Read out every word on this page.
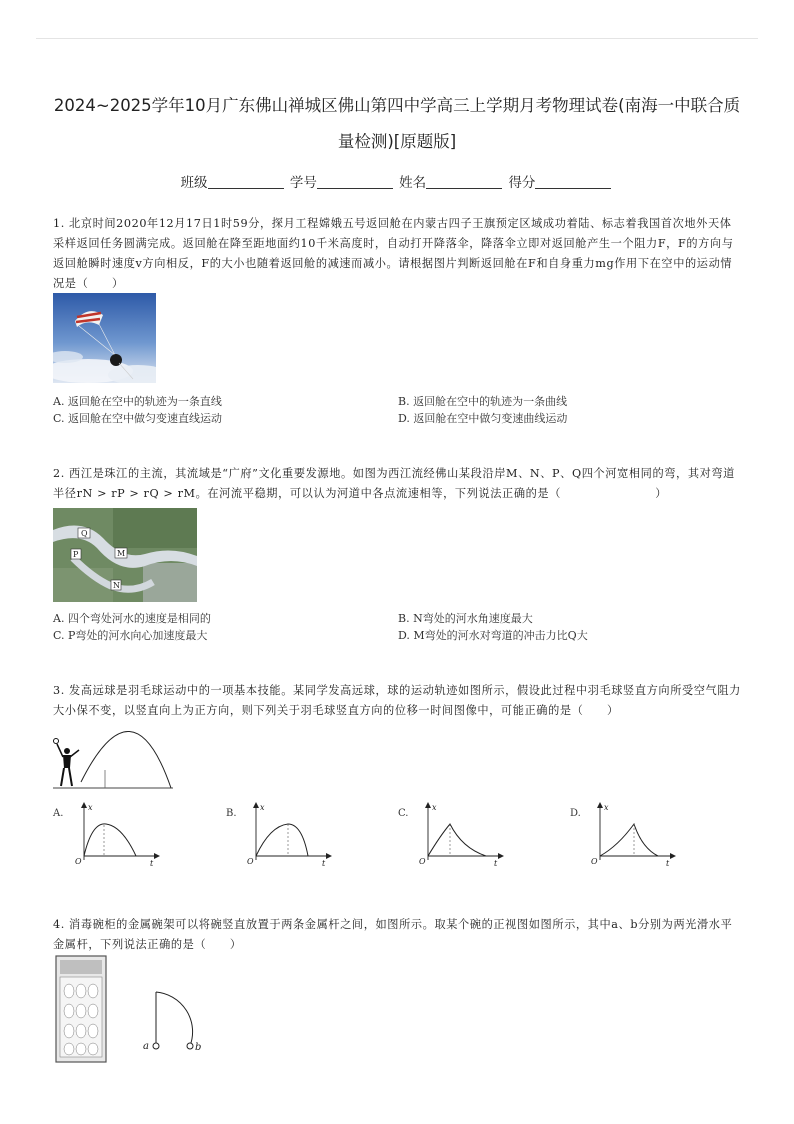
2024~2025学年10月广东佛山禅城区佛山第四中学高三上学期月考物理试卷(南海一中联合质
量检测)[原题版]
班级	学号	姓名	得分
1. 北京时间2020年12月17日1时59分，探月工程嫦娥五号返回舱在内蒙古四子王旗预定区域成功着陆、标志着我国首次地外天体采样返回任务圆满完成。返回舱在降至距地面约10千米高度时，自动打开降落伞，降落伞立即对返回舱产生一个阻力F，F的方向与返回舱瞬时速度v方向相反，F的大小也随着返回舱的减速而减小。请根据图片判断返回舱在F和自身重力mg作用下在空中的运动情况是（　　）
A. 返回舱在空中的轨迹为一条直线	B. 返回舱在空中的轨迹为一条曲线
C. 返回舱在空中做匀变速直线运动	D. 返回舱在空中做匀变速曲线运动
2. 西江是珠江的主流，其流域是“广府”文化重要发源地。如图为西江流经佛山某段沿岸M、N、P、Q四个河宽相同的弯，其对弯道半径rN > rP > rQ > rM。在河流平稳期，可以认为河道中各点流速相等，下列说法正确的是（　　　　　　　　）
Q
P	M
N
A. 四个弯处河水的速度是相同的	B. N弯处的河水角速度最大
C. P弯处的河水向心加速度最大	D. M弯处的河水对弯道的冲击力比Q大
3. 发高远球是羽毛球运动中的一项基本技能。某同学发高远球，球的运动轨迹如图所示，假设此过程中羽毛球竖直方向所受空气阻力大小保不变，以竖直向上为正方向，则下列关于羽毛球竖直方向的位移一时间图像中，可能正确的是（　　）
A.
x
t
O
B.
x
t
O
C.
x
t
O
D.
x
t
O
4. 消毒碗柜的金属碗架可以将碗竖直放置于两条金属杆之间，如图所示。取某个碗的正视图如图所示，其中a、b分别为两光滑水平金属杆，下列说法正确的是（　　）
a	b
